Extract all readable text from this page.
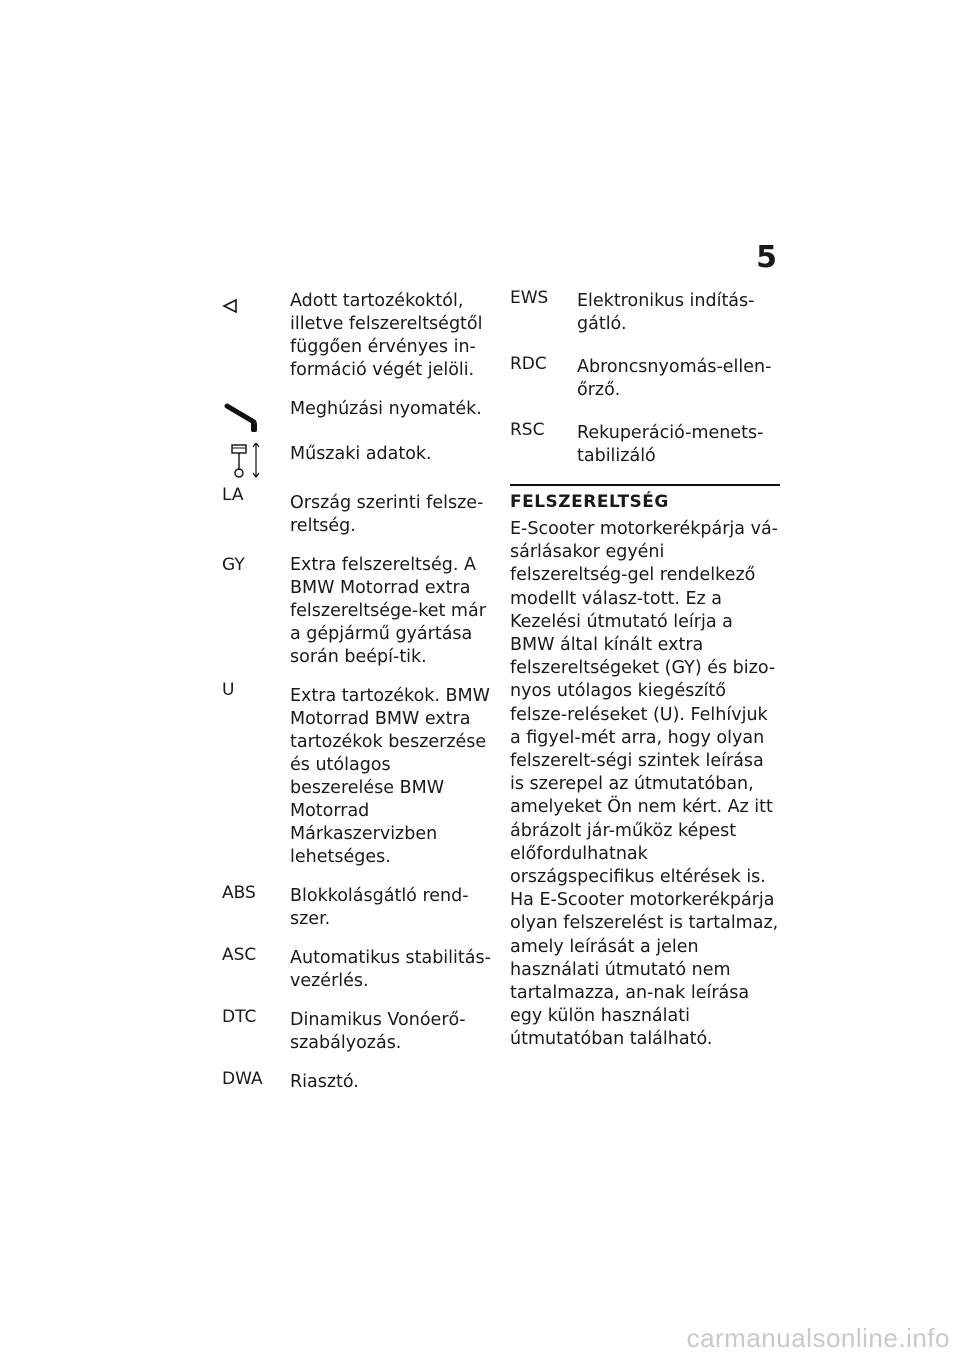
5
Adott tartozékoktól, illetve felszereltségtől függően érvényes in-formáció végét jelöli.
Meghúzási nyomaték.
Műszaki adatok.
LA	Ország szerinti felsze-reltség.
GY	Extra felszereltség. A BMW Motorrad extra felszereltsége-ket már a gépjármű gyártása során beépí-tik.
U	Extra tartozékok. BMW Motorrad BMW extra tartozékok beszerzése és utólagos beszerelése BMW Motorrad Márkaszervizben lehetséges.
ABS	Blokkolásgátló rend-szer.
ASC	Automatikus stabilitás-vezérlés.
DTC	Dinamikus Vonóerő-szabályozás.
DWA	Riasztó.
EWS	Elektronikus indítás-gátló.
RDC	Abroncsnyomás-ellen-őrző.
RSC	Rekuperáció-menets-tabilizáló
FELSZERELTSÉG
E-Scooter motorkerékpárja vá-sárlásakor egyéni felszereltség-gel rendelkező modellt válasz-tott. Ez a Kezelési útmutató leírja a BMW által kínált extra felszereltségeket (GY) és bizo-nyos utólagos kiegészítő felsze-reléseket (U). Felhívjuk a figyel-mét arra, hogy olyan felszerelt-ségi szintek leírása is szerepel az útmutatóban, amelyeket Ön nem kért. Az itt ábrázolt jár-műköz képest előfordulhatnak országspecifikus eltérések is. Ha E-Scooter motorkerékpárja olyan felszerelést is tartalmaz, amely leírását a jelen használati útmutató nem tartalmazza, an-nak leírása egy külön használati útmutatóban található.
carmanualsonline.info
